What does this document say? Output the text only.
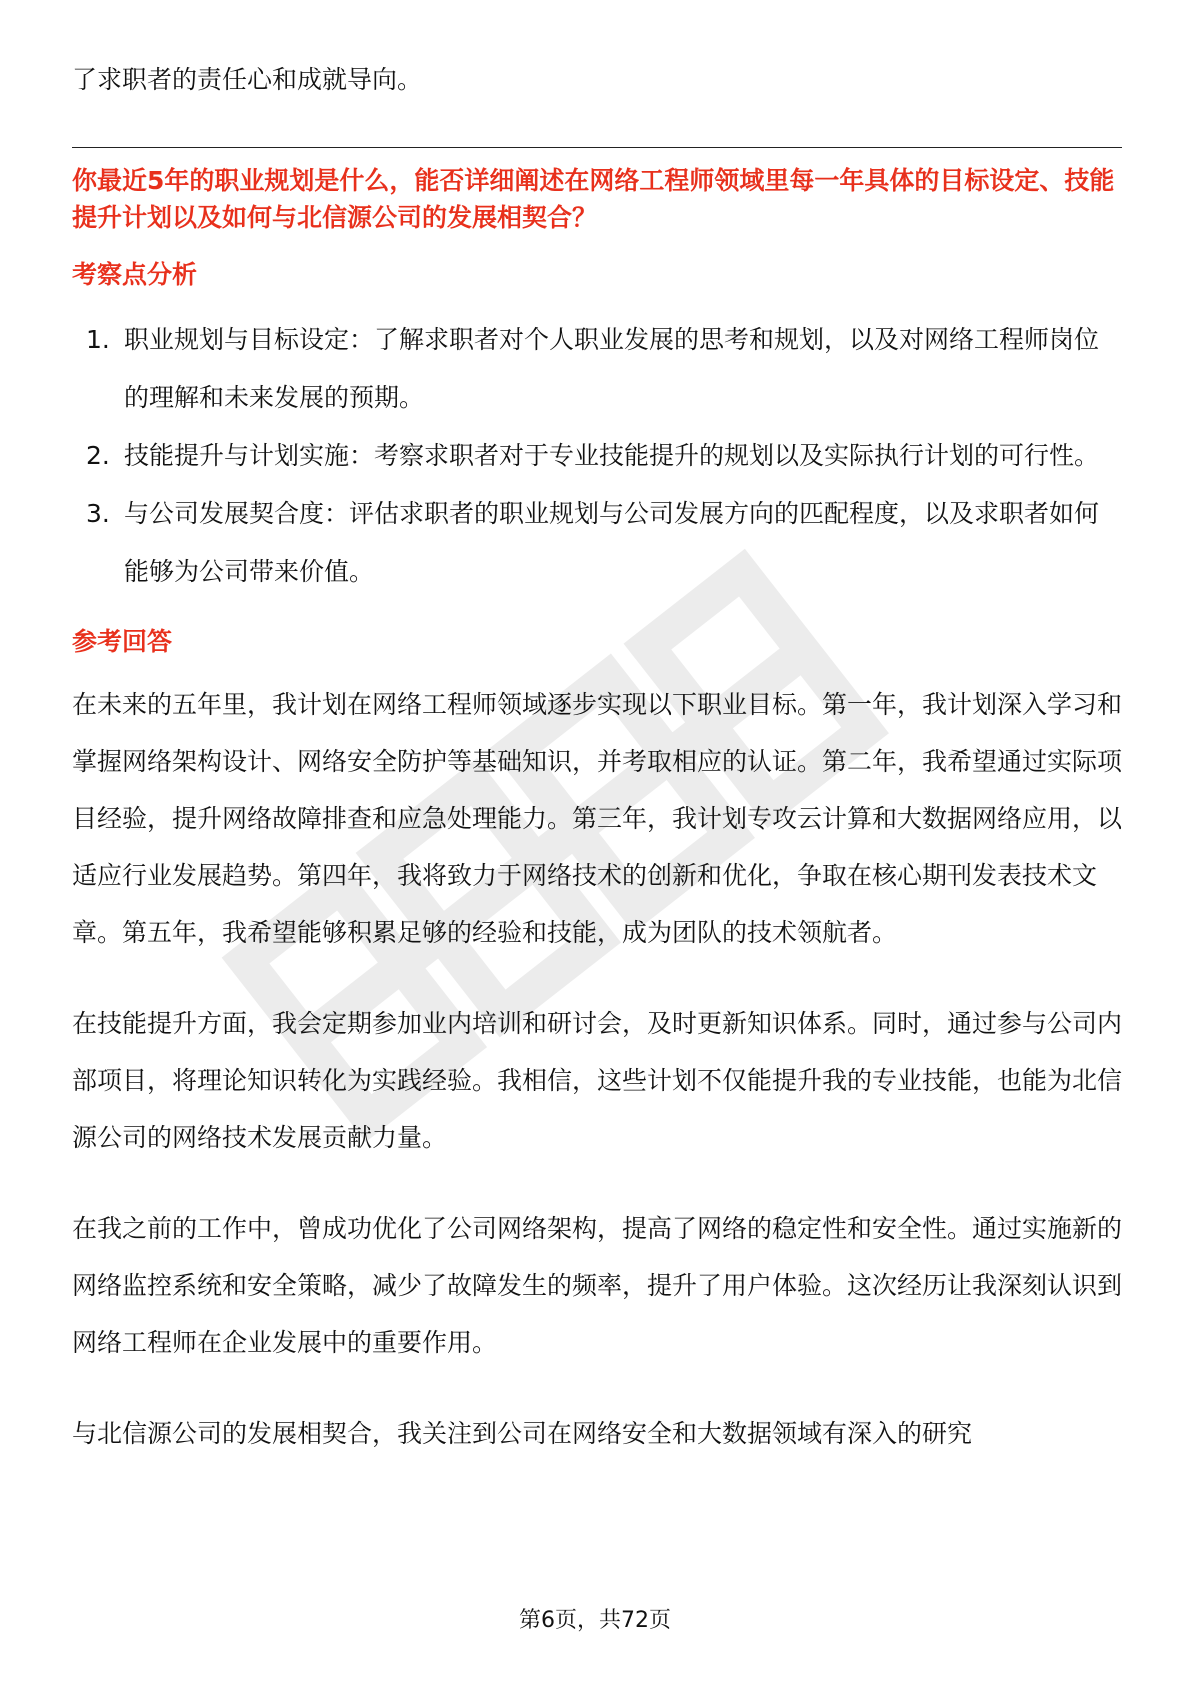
了求职者的责任心和成就导向。

你最近5年的职业规划是什么，能否详细阐述在网络工程师领域里每一年具体的目标设定、技能提升计划以及如何与北信源公司的发展相契合？

考察点分析
1. 职业规划与目标设定：了解求职者对个人职业发展的思考和规划，以及对网络工程师岗位的理解和未来发展的预期。
2. 技能提升与计划实施：考察求职者对于专业技能提升的规划以及实际执行计划的可行性。
3. 与公司发展契合度：评估求职者的职业规划与公司发展方向的匹配程度，以及求职者如何能够为公司带来价值。
参考回答

在未来的五年里，我计划在网络工程师领域逐步实现以下职业目标。第一年，我计划深入学习和掌握网络架构设计、网络安全防护等基础知识，并考取相应的认证。第二年，我希望通过实际项目经验，提升网络故障排查和应急处理能力。第三年，我计划专攻云计算和大数据网络应用，以适应行业发展趋势。第四年，我将致力于网络技术的创新和优化，争取在核心期刊发表技术文章。第五年，我希望能够积累足够的经验和技能，成为团队的技术领航者。

在技能提升方面，我会定期参加业内培训和研讨会，及时更新知识体系。同时，通过参与公司内部项目，将理论知识转化为实践经验。我相信，这些计划不仅能提升我的专业技能，也能为北信源公司的网络技术发展贡献力量。

在我之前的工作中，曾成功优化了公司网络架构，提高了网络的稳定性和安全性。通过实施新的网络监控系统和安全策略，减少了故障发生的频率，提升了用户体验。这次经历让我深刻认识到网络工程师在企业发展中的重要作用。

与北信源公司的发展相契合，我关注到公司在网络安全和大数据领域有深入的研究

第6页，共72页
